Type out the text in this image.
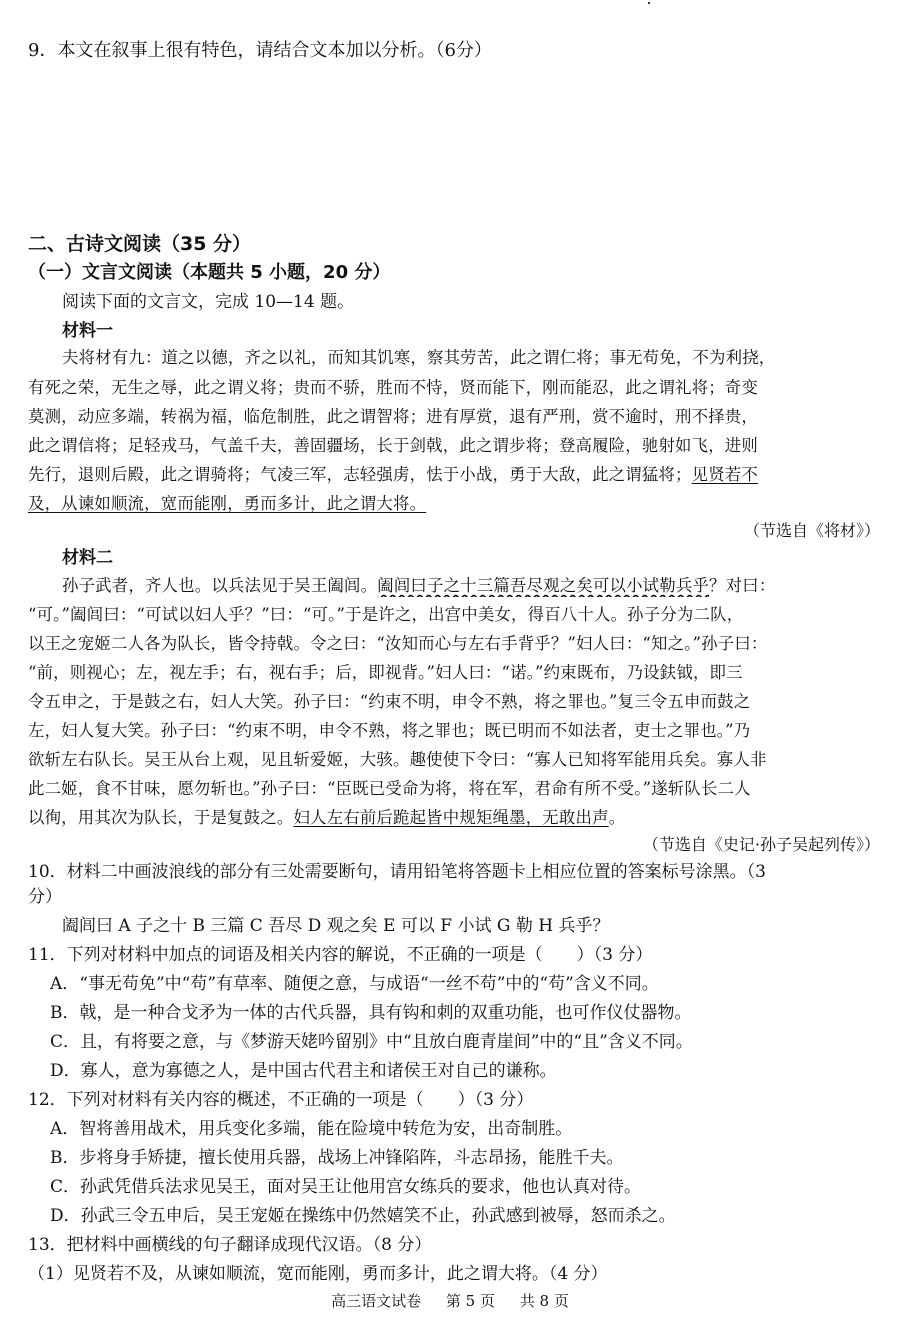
9．本文在叙事上很有特色，请结合文本加以分析。（6分）
二、古诗文阅读（35 分）
（一）文言文阅读（本题共 5 小题，20 分）
阅读下面的文言文，完成 10—14 题。
材料一
夫将材有九：道之以德，齐之以礼，而知其饥寒，察其劳苦，此之谓仁将；事无苟免，不为利挠，
有死之荣，无生之辱，此之谓义将；贵而不骄，胜而不恃，贤而能下，刚而能忍，此之谓礼将；奇变
莫测，动应多端，转祸为福，临危制胜，此之谓智将；进有厚赏，退有严刑，赏不逾时，刑不择贵，
此之谓信将；足轻戎马，气盖千夫，善固疆场，长于剑戟，此之谓步将；登高履险，驰射如飞，进则
先行，退则后殿，此之谓骑将；气凌三军，志轻强虏，怯于小战，勇于大敌，此之谓猛将；见贤若不
及，从谏如顺流，宽而能刚，勇而多计，此之谓大将。
（节选自《将材》）
材料二
孙子武者，齐人也。以兵法见于吴王阖闾。阖闾曰子之十三篇吾尽观之矣可以小试勒兵乎？对曰：
“可。”阖闾曰：“可试以妇人乎？”曰：“可。”于是许之，出宫中美女，得百八十人。孙子分为二队，
以王之宠姬二人各为队长，皆令持戟。令之曰：“汝知而心与左右手背乎？”妇人曰：“知之。”孙子曰：
“前，则视心；左，视左手；右，视右手；后，即视背。”妇人曰：“诺。”约束既布，乃设鈇钺，即三
令五申之，于是鼓之右，妇人大笑。孙子曰：“约束不明，申令不熟，将之罪也。”复三令五申而鼓之
左，妇人复大笑。孙子曰：“约束不明，申令不熟，将之罪也；既已明而不如法者，吏士之罪也。”乃
欲斩左右队长。吴王从台上观，见且斩爱姬，大骇。趣使使下令曰：“寡人已知将军能用兵矣。寡人非
此二姬，食不甘味，愿勿斩也。”孙子曰：“臣既已受命为将，将在军，君命有所不受。”遂斩队长二人
以徇，用其次为队长，于是复鼓之。妇人左右前后跪起皆中规矩绳墨，无敢出声。
（节选自《史记·孙子吴起列传》）
10．材料二中画波浪线的部分有三处需要断句，请用铅笔将答题卡上相应位置的答案标号涂黑。（3
分）
阖闾曰 A 子之十 B 三篇 C 吾尽 D 观之矣 E 可以 F 小试 G 勒 H 兵乎？
11．下列对材料中加点的词语及相关内容的解说，不正确的一项是（　　）（3 分）
A．“事无苟免”中“苟”有草率、随便之意，与成语“一丝不苟”中的“苟”含义不同。
B．戟，是一种合戈矛为一体的古代兵器，具有钩和刺的双重功能，也可作仪仗器物。
C．且，有将要之意，与《梦游天姥吟留别》中“且放白鹿青崖间”中的“且”含义不同。
D．寡人，意为寡德之人，是中国古代君主和诸侯王对自己的谦称。
12．下列对材料有关内容的概述，不正确的一项是（　　）（3 分）
A．智将善用战术，用兵变化多端，能在险境中转危为安，出奇制胜。
B．步将身手矫捷，擅长使用兵器，战场上冲锋陷阵，斗志昂扬，能胜千夫。
C．孙武凭借兵法求见吴王，面对吴王让他用宫女练兵的要求，他也认真对待。
D．孙武三令五申后，吴王宠姬在操练中仍然嬉笑不止，孙武感到被辱，怒而杀之。
13．把材料中画横线的句子翻译成现代汉语。（8 分）
（1）见贤若不及，从谏如顺流，宽而能刚，勇而多计，此之谓大将。（4 分）
高三语文试卷 第 5 页 共 8 页
